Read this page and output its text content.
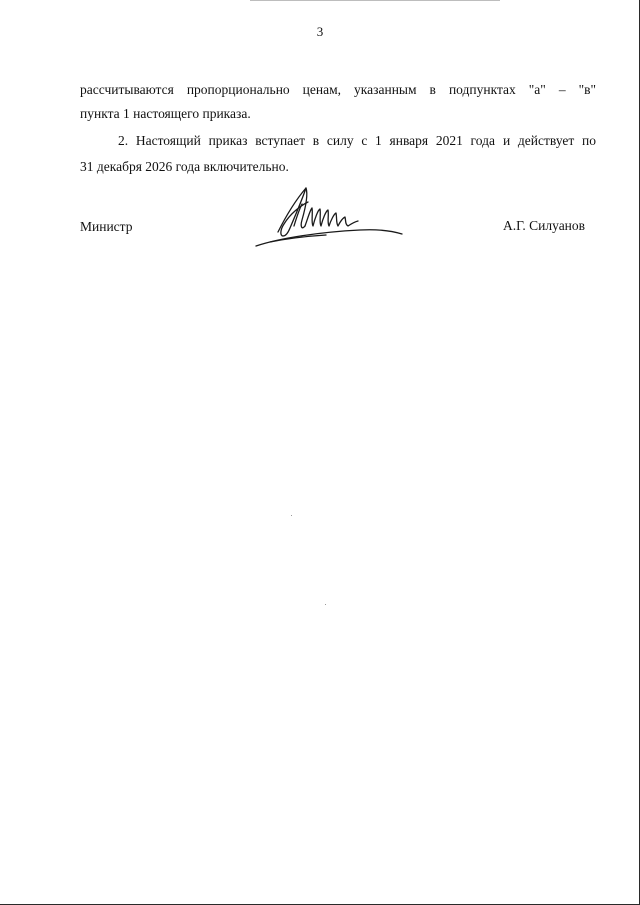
3
рассчитываются пропорционально ценам, указанным в подпунктах "а" – "в"
пункта 1 настоящего приказа.
2. Настоящий приказ вступает в силу с 1 января 2021 года и действует по
31 декабря 2026 года включительно.
Министр	А.Г. Силуанов
